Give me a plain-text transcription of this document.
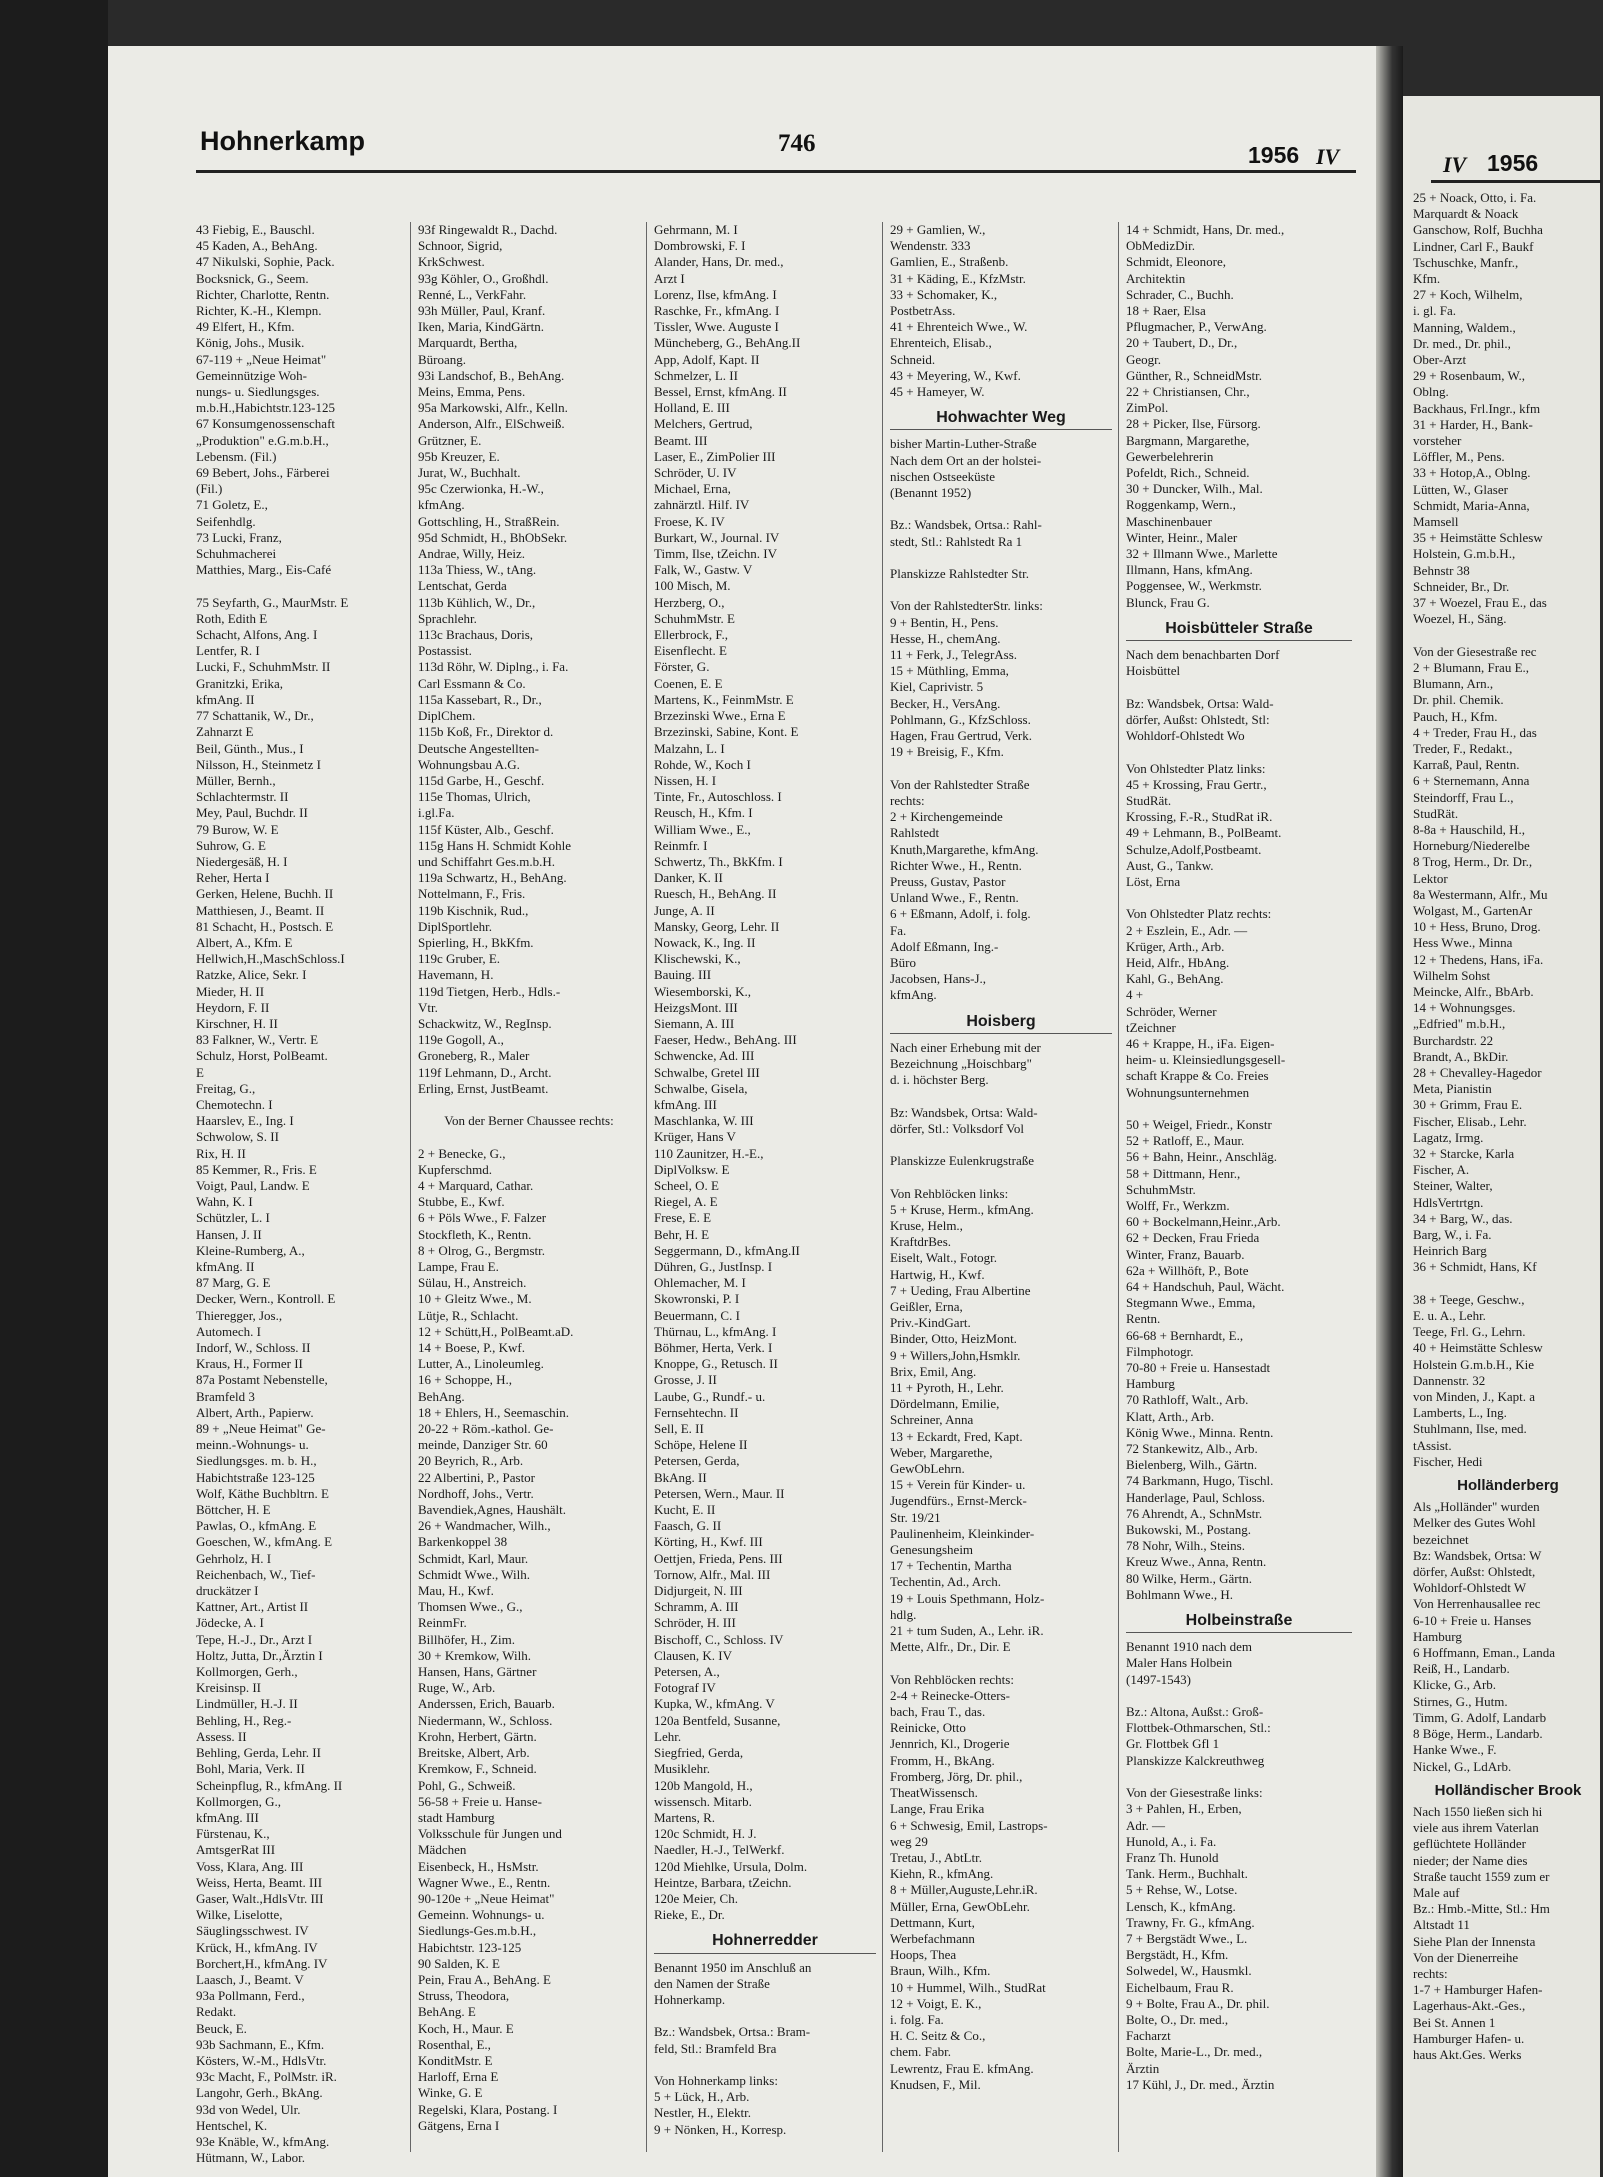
Hohnerkamp	746	1956 IV
43 Fiebig, E., Bauschl.
45 Kaden, A., BehAng.
47 Nikulski, Sophie, Pack.
Bocksnick, G., Seem.
Richter, Charlotte, Rentn.
Richter, K.-H., Klempn.
49 Elfert, H., Kfm.
König, Johs., Musik.
67-119 + „Neue Heimat"
Gemeinnützige Woh-
nungs- u. Siedlungsges.
m.b.H.,Habichtstr.123-125
67 Konsumgenossenschaft
„Produktion" e.G.m.b.H.,
Lebensm. (Fil.)
69 Bebert, Johs., Färberei
(Fil.)
71 Goletz, E.,
Seifenhdlg.
73 Lucki, Franz,
Schuhmacherei
Matthies, Marg., Eis-Café

75 Seyfarth, G., MaurMstr. E
Roth, Edith E
Schacht, Alfons, Ang. I
Lentfer, R. I
Lucki, F., SchuhmMstr. II
Granitzki, Erika,
kfmAng. II
77 Schattanik, W., Dr.,
Zahnarzt E
Beil, Günth., Mus., I
Nilsson, H., Steinmetz I
Müller, Bernh.,
Schlachtermstr. II
Mey, Paul, Buchdr. II
79 Burow, W. E
Suhrow, G. E
Niedergesäß, H. I
Reher, Herta I
Gerken, Helene, Buchh. II
Matthiesen, J., Beamt. II
81 Schacht, H., Postsch. E
Albert, A., Kfm. E
Hellwich,H.,MaschSchloss.I
Ratzke, Alice, Sekr. I
Mieder, H. II
Heydorn, F. II
Kirschner, H. II
83 Falkner, W., Vertr. E
Schulz, Horst, PolBeamt.
E
Freitag, G.,
Chemotechn. I
Haarslev, E., Ing. I
Schwolow, S. II
Rix, H. II
85 Kemmer, R., Fris. E
Voigt, Paul, Landw. E
Wahn, K. I
Schützler, L. I
Hansen, J. II
Kleine-Rumberg, A.,
kfmAng. II
87 Marg, G. E
Decker, Wern., Kontroll. E
Thieregger, Jos.,
Automech. I
Indorf, W., Schloss. II
Kraus, H., Former II
87a Postamt Nebenstelle,
Bramfeld 3
Albert, Arth., Papierw.
89 + „Neue Heimat" Ge-
meinn.-Wohnungs- u.
Siedlungsges. m. b. H.,
Habichtstraße 123-125
Wolf, Käthe Buchbltrn. E
Böttcher, H. E
Pawlas, O., kfmAng. E
Goeschen, W., kfmAng. E
Gehrholz, H. I
Reichenbach, W., Tief-
druckätzer I
Kattner, Art., Artist II
Jödecke, A. I
Tepe, H.-J., Dr., Arzt I
Holtz, Jutta, Dr.,Ärztin I
Kollmorgen, Gerh.,
Kreisinsp. II
Lindmüller, H.-J. II
Behling, H., Reg.-
Assess. II
Behling, Gerda, Lehr. II
Bohl, Maria, Verk. II
Scheinpflug, R., kfmAng. II
Kollmorgen, G.,
kfmAng. III
Fürstenau, K.,
AmtsgerRat III
Voss, Klara, Ang. III
Weiss, Herta, Beamt. III
Gaser, Walt.,HdlsVtr. III
Wilke, Liselotte,
Säuglingsschwest. IV
Krück, H., kfmAng. IV
Borchert,H., kfmAng. IV
Laasch, J., Beamt. V
93a Pollmann, Ferd.,
Redakt.
Beuck, E.
93b Sachmann, E., Kfm.
Kösters, W.-M., HdlsVtr.
93c Macht, F., PolMstr. iR.
Langohr, Gerh., BkAng.
93d von Wedel, Ulr.
Hentschel, K.
93e Knäble, W., kfmAng.
Hütmann, W., Labor.
93f Ringewaldt R., Dachd.
Schnoor, Sigrid,
KrkSchwest.
93g Köhler, O., Großhdl.
Renné, L., VerkFahr.
93h Müller, Paul, Kranf.
Iken, Maria, KindGärtn.
Marquardt, Bertha,
Büroang.
93i Landschof, B., BehAng.
Meins, Emma, Pens.
95a Markowski, Alfr., Kelln.
Anderson, Alfr., ElSchweiß.
Grützner, E.
95b Kreuzer, E.
Jurat, W., Buchhalt.
95c Czerwionka, H.-W.,
kfmAng.
Gottschling, H., StraßRein.
95d Schmidt, H., BhObSekr.
Andrae, Willy, Heiz.
113a Thiess, W., tAng.
Lentschat, Gerda
113b Kühlich, W., Dr.,
Sprachlehr.
113c Brachaus, Doris,
Postassist.
113d Röhr, W. Diplng., i. Fa.
Carl Essmann & Co.
115a Kassebart, R., Dr.,
DiplChem.
115b Koß, Fr., Direktor d.
Deutsche Angestellten-
Wohnungsbau A.G.
115d Garbe, H., Geschf.
115e Thomas, Ulrich,
i.gl.Fa.
115f Küster, Alb., Geschf.
115g Hans H. Schmidt Kohle
und Schiffahrt Ges.m.b.H.
119a Schwartz, H., BehAng.
Nottelmann, F., Fris.
119b Kischnik, Rud.,
DiplSportlehr.
Spierling, H., BkKfm.
119c Gruber, E.
Havemann, H.
119d Tietgen, Herb., Hdls.-
Vtr.
Schackwitz, W., RegInsp.
119e Gogoll, A.,
Groneberg, R., Maler
119f Lehmann, D., Archt.
Erling, Ernst, JustBeamt.

Von der Berner Chaussee rechts:

2 + Benecke, G.,
Kupferschmd.
4 + Marquard, Cathar.
Stubbe, E., Kwf.
6 + Pöls Wwe., F. Falzer
Stockfleth, K., Rentn.
8 + Olrog, G., Bergmstr.
Lampe, Frau E.
Sülau, H., Anstreich.
10 + Gleitz Wwe., M.
Lütje, R., Schlacht.
12 + Schütt,H., PolBeamt.aD.
14 + Boese, P., Kwf.
Lutter, A., Linoleumleg.
16 + Schoppe, H.,
BehAng.
18 + Ehlers, H., Seemaschin.
20-22 + Röm.-kathol. Ge-
meinde, Danziger Str. 60
20 Beyrich, R., Arb.
22 Albertini, P., Pastor
Nordhoff, Johs., Vertr.
Bavendiek,Agnes, Haushält.
26 + Wandmacher, Wilh.,
Barkenkoppel 38
Schmidt, Karl, Maur.
Schmidt Wwe., Wilh.
Mau, H., Kwf.
Thomsen Wwe., G.,
ReinmFr.
Billhöfer, H., Zim.
30 + Kremkow, Wilh.
Hansen, Hans, Gärtner
Ruge, W., Arb.
Anderssen, Erich, Bauarb.
Niedermann, W., Schloss.
Krohn, Herbert, Gärtn.
Breitske, Albert, Arb.
Kremkow, F., Schneid.
Pohl, G., Schweiß.
56-58 + Freie u. Hanse-
stadt Hamburg
Volksschule für Jungen und
Mädchen
Eisenbeck, H., HsMstr.
Wagner Wwe., E., Rentn.
90-120e + „Neue Heimat"
Gemeinn. Wohnungs- u.
Siedlungs-Ges.m.b.H.,
Habichtstr. 123-125
90 Salden, K. E
Pein, Frau A., BehAng. E
Struss, Theodora,
BehAng. E
Koch, H., Maur. E
Rosenthal, E.,
KonditMstr. E
Harloff, Erna E
Winke, G. E
Regelski, Klara, Postang. I
Gätgens, Erna I
Gehrmann, M. I
Dombrowski, F. I
Alander, Hans, Dr. med.,
Arzt I
Lorenz, Ilse, kfmAng. I
Raschke, Fr., kfmAng. I
Tissler, Wwe. Auguste I
Müncheberg, G., BehAng.II
App, Adolf, Kapt. II
Schmelzer, L. II
Bessel, Ernst, kfmAng. II
Holland, E. III
Melchers, Gertrud,
Beamt. III
Laser, E., ZimPolier III
Schröder, U. IV
Michael, Erna,
zahnärztl. Hilf. IV
Froese, K. IV
Burkart, W., Journal. IV
Timm, Ilse, tZeichn. IV
Falk, W., Gastw. V
100 Misch, M.
Herzberg, O.,
SchuhmMstr. E
Ellerbrock, F.,
Eisenflecht. E
Förster, G.
Coenen, E. E
Martens, K., FeinmMstr. E
Brzezinski Wwe., Erna E
Brzezinski, Sabine, Kont. E
Malzahn, L. I
Rohde, W., Koch I
Nissen, H. I
Tinte, Fr., Autoschloss. I
Reusch, H., Kfm. I
William Wwe., E.,
Reinmfr. I
Schwertz, Th., BkKfm. I
Danker, K. II
Ruesch, H., BehAng. II
Junge, A. II
Mansky, Georg, Lehr. II
Nowack, K., Ing. II
Klischewski, K.,
Bauing. III
Wiesemborski, K.,
HeizgsMont. III
Siemann, A. III
Faeser, Hedw., BehAng. III
Schwencke, Ad. III
Schwalbe, Gretel III
Schwalbe, Gisela,
kfmAng. III
Maschlanka, W. III
Krüger, Hans V
110 Zaunitzer, H.-E.,
DiplVolksw. E
Scheel, O. E
Riegel, A. E
Frese, E. E
Behr, H. E
Seggermann, D., kfmAng.II
Dühren, G., JustInsp. I
Ohlemacher, M. I
Skowronski, P. I
Beuermann, C. I
Thürnau, L., kfmAng. I
Böhmer, Herta, Verk. I
Knoppe, G., Retusch. II
Grosse, J. II
Laube, G., Rundf.- u.
Fernsehtechn. II
Sell, E. II
Schöpe, Helene II
Petersen, Gerda,
BkAng. II
Petersen, Wern., Maur. II
Kucht, E. II
Faasch, G. II
Körting, H., Kwf. III
Oettjen, Frieda, Pens. III
Tornow, Alfr., Mal. III
Didjurgeit, N. III
Schramm, A. III
Schröder, H. III
Bischoff, C., Schloss. IV
Clausen, K. IV
Petersen, A.,
Fotograf IV
Kupka, W., kfmAng. V
120a Bentfeld, Susanne,
Lehr.
Siegfried, Gerda,
Musiklehr.
120b Mangold, H.,
wissensch. Mitarb.
Martens, R.
120c Schmidt, H. J.
Naedler, H.-J., TelWerkf.
120d Miehlke, Ursula, Dolm.
Heintze, Barbara, tZeichn.
120e Meier, Ch.
Rieke, E., Dr.
Hohnerredder
Benannt 1950 im Anschluß an
den Namen der Straße
Hohnerkamp.

Bz.: Wandsbek, Ortsa.: Bram-
feld, Stl.: Bramfeld Bra

Von Hohnerkamp links:
5 + Lück, H., Arb.
Nestler, H., Elektr.
9 + Nönken, H., Korresp.
29 + Gamlien, W.,
Wendenstr. 333
Gamlien, E., Straßenb.
31 + Käding, E., KfzMstr.
33 + Schomaker, K.,
PostbetrAss.
41 + Ehrenteich Wwe., W.
Ehrenteich, Elisab.,
Schneid.
43 + Meyering, W., Kwf.
45 + Hameyer, W.
Hohwachter Weg
bisher Martin-Luther-Straße
Nach dem Ort an der holstei-
nischen Ostseeküste
(Benannt 1952)

Bz.: Wandsbek, Ortsa.: Rahl-
stedt, Stl.: Rahlstedt Ra 1

Planskizze Rahlstedter Str.

Von der RahlstedterStr. links:
9 + Bentin, H., Pens.
Hesse, H., chemAng.
11 + Ferk, J., TelegrAss.
15 + Müthling, Emma,
Kiel, Caprivistr. 5
Becker, H., VersAng.
Pohlmann, G., KfzSchloss.
Hagen, Frau Gertrud, Verk.
19 + Breisig, F., Kfm.

Von der Rahlstedter Straße
rechts:
2 + Kirchengemeinde
Rahlstedt
Knuth,Margarethe, kfmAng.
Richter Wwe., H., Rentn.
Preuss, Gustav, Pastor
Unland Wwe., F., Rentn.
6 + Eßmann, Adolf, i. folg.
Fa.
Adolf Eßmann, Ing.-
Büro
Jacobsen, Hans-J.,
kfmAng.
Hoisberg
Nach einer Erhebung mit der
Bezeichnung „Hoischbarg"
d. i. höchster Berg.

Bz: Wandsbek, Ortsa: Wald-
dörfer, Stl.: Volksdorf Vol

Planskizze Eulenkrugstraße

Von Rehblöcken links:
5 + Kruse, Herm., kfmAng.
Kruse, Helm.,
KraftdrBes.
Eiselt, Walt., Fotogr.
Hartwig, H., Kwf.
7 + Ueding, Frau Albertine
Geißler, Erna,
Priv.-KindGart.
Binder, Otto, HeizMont.
9 + Willers,John,Hsmklr.
Brix, Emil, Ang.
11 + Pyroth, H., Lehr.
Dördelmann, Emilie,
Schreiner, Anna
13 + Eckardt, Fred, Kapt.
Weber, Margarethe,
GewObLehrn.
15 + Verein für Kinder- u.
Jugendfürs., Ernst-Merck-
Str. 19/21
Paulinenheim, Kleinkinder-
Genesungsheim
17 + Techentin, Martha
Techentin, Ad., Arch.
19 + Louis Spethmann, Holz-
hdlg.
21 + tum Suden, A., Lehr. iR.
Mette, Alfr., Dr., Dir. E

Von Rehblöcken rechts:
2-4 + Reinecke-Otters-
bach, Frau T., das.
Reinicke, Otto
Jennrich, Kl., Drogerie
Fromm, H., BkAng.
Fromberg, Jörg, Dr. phil.,
TheatWissensch.
Lange, Frau Erika
6 + Schwesig, Emil, Lastrops-
weg 29
Tretau, J., AbtLtr.
Kiehn, R., kfmAng.
8 + Müller,Auguste,Lehr.iR.
Müller, Erna, GewObLehr.
Dettmann, Kurt,
Werbefachmann
Hoops, Thea
Braun, Wilh., Kfm.
10 + Hummel, Wilh., StudRat
12 + Voigt, E. K.,
i. folg. Fa.
H. C. Seitz & Co.,
chem. Fabr.
Lewrentz, Frau E. kfmAng.
Knudsen, F., Mil.
14 + Schmidt, Hans, Dr. med.,
ObMedizDir.
Schmidt, Eleonore,
Architektin
Schrader, C., Buchh.
18 + Raer, Elsa
Pflugmacher, P., VerwAng.
20 + Taubert, D., Dr.,
Geogr.
Günther, R., SchneidMstr.
22 + Christiansen, Chr.,
ZimPol.
28 + Picker, Ilse, Fürsorg.
Bargmann, Margarethe,
Gewerbelehrerin
Pofeldt, Rich., Schneid.
30 + Duncker, Wilh., Mal.
Roggenkamp, Wern.,
Maschinenbauer
Winter, Heinr., Maler
32 + Illmann Wwe., Marlette
Illmann, Hans, kfmAng.
Poggensee, W., Werkmstr.
Blunck, Frau G.
Hoisbütteler Straße
Nach dem benachbarten Dorf
Hoisbüttel

Bz: Wandsbek, Ortsa: Wald-
dörfer, Außst: Ohlstedt, Stl:
Wohldorf-Ohlstedt Wo

Von Ohlstedter Platz links:
45 + Krossing, Frau Gertr.,
StudRät.
Krossing, F.-R., StudRat iR.
49 + Lehmann, B., PolBeamt.
Schulze,Adolf,Postbeamt.
Aust, G., Tankw.
Löst, Erna

Von Ohlstedter Platz rechts:
2 + Eszlein, E., Adr. —
Krüger, Arth., Arb.
Heid, Alfr., HbAng.
Kahl, G., BehAng.
4 +
Schröder, Werner
tZeichner
46 + Krappe, H., iFa. Eigen-
heim- u. Kleinsiedlungsgesell-
schaft Krappe & Co. Freies
Wohnungsunternehmen

50 + Weigel, Friedr., Konstr
52 + Ratloff, E., Maur.
56 + Bahn, Heinr., Anschläg.
58 + Dittmann, Henr.,
SchuhmMstr.
Wolff, Fr., Werkzm.
60 + Bockelmann,Heinr.,Arb.
62 + Decken, Frau Frieda
Winter, Franz, Bauarb.
62a + Willhöft, P., Bote
64 + Handschuh, Paul, Wächt.
Stegmann Wwe., Emma,
Rentn.
66-68 + Bernhardt, E.,
Filmphotogr.
70-80 + Freie u. Hansestadt
Hamburg
70 Rathloff, Walt., Arb.
Klatt, Arth., Arb.
König Wwe., Minna. Rentn.
72 Stankewitz, Alb., Arb.
Bielenberg, Wilh., Gärtn.
74 Barkmann, Hugo, Tischl.
Handerlage, Paul, Schloss.
76 Ahrendt, A., SchnMstr.
Bukowski, M., Postang.
78 Nohr, Wilh., Steins.
Kreuz Wwe., Anna, Rentn.
80 Wilke, Herm., Gärtn.
Bohlmann Wwe., H.
Holbeinstraße
Benannt 1910 nach dem
Maler Hans Holbein
(1497-1543)

Bz.: Altona, Außst.: Groß-
Flottbek-Othmarschen, Stl.:
Gr. Flottbek Gfl 1
Planskizze Kalckreuthweg

Von der Giesestraße links:
3 + Pahlen, H., Erben,
Adr. —
Hunold, A., i. Fa.
Franz Th. Hunold
Tank. Herm., Buchhalt.
5 + Rehse, W., Lotse.
Lensch, K., kfmAng.
Trawny, Fr. G., kfmAng.
7 + Bergstädt Wwe., L.
Bergstädt, H., Kfm.
Solwedel, W., Hausmkl.
Eichelbaum, Frau R.
9 + Bolte, Frau A., Dr. phil.
Bolte, O., Dr. med.,
Facharzt
Bolte, Marie-L., Dr. med.,
Ärztin
17 Kühl, J., Dr. med., Ärztin
IV 1956
25 + Noack, Otto, i. Fa.
Marquardt & Noack
Ganschow, Rolf, Buchha
Lindner, Carl F., Baukf
Tschuschke, Manfr.,
Kfm.
27 + Koch, Wilhelm,
i. gl. Fa.
Manning, Waldem.,
Dr. med., Dr. phil.,
Ober-Arzt
29 + Rosenbaum, W.,
Oblng.
Backhaus, Frl.Ingr., kfm
31 + Harder, H., Bank-
vorsteher
Löffler, M., Pens.
33 + Hotop,A., Oblng.
Lütten, W., Glaser
Schmidt, Maria-Anna,
Mamsell
35 + Heimstätte Schlesw
Holstein, G.m.b.H.,
Behnstr 38
Schneider, Br., Dr.
37 + Woezel, Frau E., das
Woezel, H., Säng.

Von der Giesestraße rec
2 + Blumann, Frau E.,
Blumann, Arn.,
Dr. phil. Chemik.
Pauch, H., Kfm.
4 + Treder, Frau H., das
Treder, F., Redakt.,
Karraß, Paul, Rentn.
6 + Sternemann, Anna
Steindorff, Frau L.,
StudRät.
8-8a + Hauschild, H.,
Horneburg/Niederelbe
8 Trog, Herm., Dr. Dr.,
Lektor
8a Westermann, Alfr., Mu
Wolgast, M., GartenAr
10 + Hess, Bruno, Drog.
Hess Wwe., Minna
12 + Thedens, Hans, iFa.
Wilhelm Sohst
Meincke, Alfr., BbArb.
14 + Wohnungsges.
„Edfried" m.b.H.,
Burchardstr. 22
Brandt, A., BkDir.
28 + Chevalley-Hagedor
Meta, Pianistin
30 + Grimm, Frau E.
Fischer, Elisab., Lehr.
Lagatz, Irmg.
32 + Starcke, Karla
Fischer, A.
Steiner, Walter,
HdlsVertrtgn.
34 + Barg, W., das.
Barg, W., i. Fa.
Heinrich Barg
36 + Schmidt, Hans, Kf

38 + Teege, Geschw.,
E. u. A., Lehr.
Teege, Frl. G., Lehrn.
40 + Heimstätte Schlesw
Holstein G.m.b.H., Kie
Dannenstr. 32
von Minden, J., Kapt. a
Lamberts, L., Ing.
Stuhlmann, Ilse, med.
tAssist.
Fischer, Hedi
Holländerberg
Als „Holländer" wurden
Melker des Gutes Wohl
bezeichnet
Bz: Wandsbek, Ortsa: W
dörfer, Außst: Ohlstedt,
Wohldorf-Ohlstedt W
Von Herrenhausallee rec
6-10 + Freie u. Hanses
Hamburg
6 Hoffmann, Eman., Landa
Reiß, H., Landarb.
Klicke, G., Arb.
Stirnes, G., Hutm.
Timm, G. Adolf, Landarb
8 Böge, Herm., Landarb.
Hanke Wwe., F.
Nickel, G., LdArb.
Holländischer Brook
Nach 1550 ließen sich hi
viele aus ihrem Vaterlan
geflüchtete Holländer
nieder; der Name dies
Straße taucht 1559 zum er
Male auf
Bz.: Hmb.-Mitte, Stl.: Hm
Altstadt 11
Siehe Plan der Innensta
Von der Dienerreihe
rechts:
1-7 + Hamburger Hafen-
Lagerhaus-Akt.-Ges.,
Bei St. Annen 1
Hamburger Hafen- u.
haus Akt.Ges. Werks
